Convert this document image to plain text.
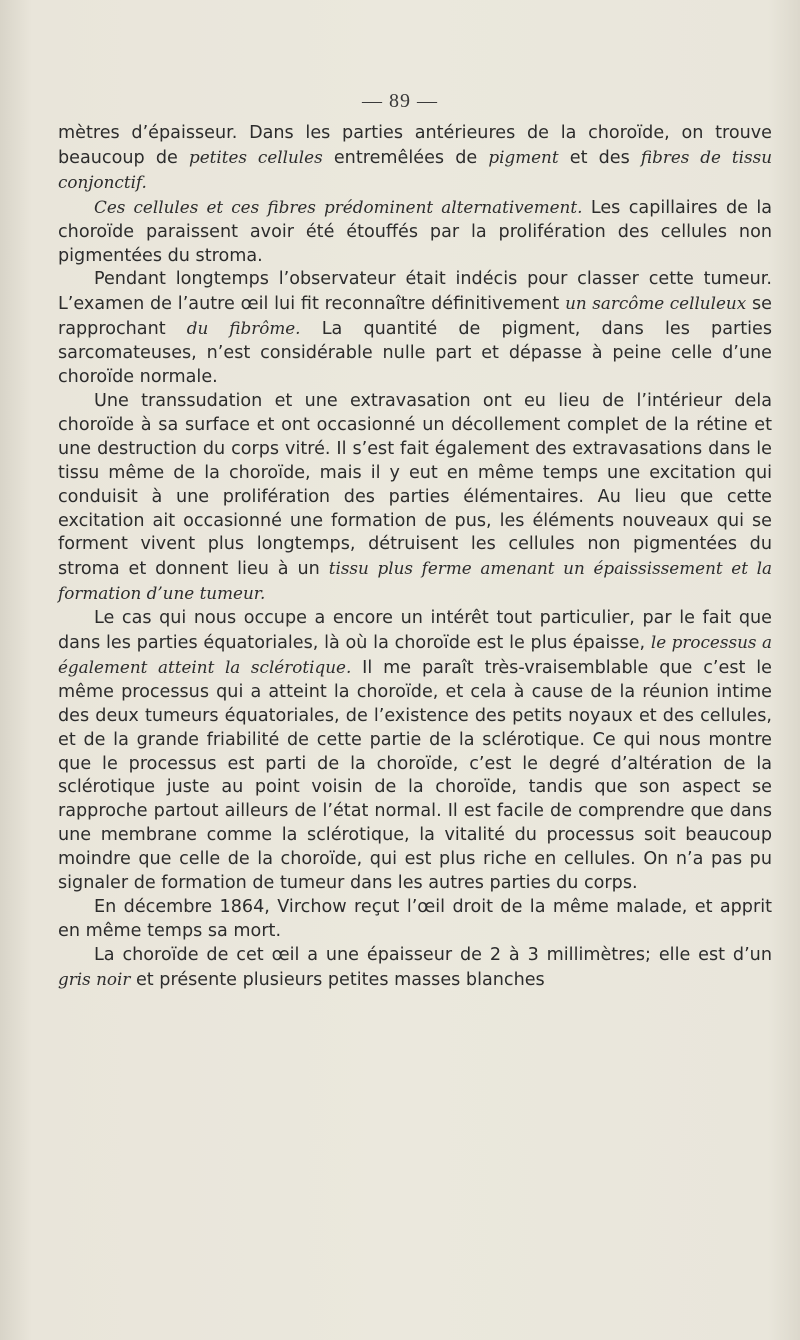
— 89 —

mètres d’épaisseur. Dans les parties antérieures de la choroïde, on trouve beaucoup de petites cellules entremêlées de pigment et des fibres de tissu conjonctif.

Ces cellules et ces fibres prédominent alternativement. Les capillaires de la choroïde paraissent avoir été étouffés par la prolifération des cellules non pigmentées du stroma.

Pendant longtemps l’observateur était indécis pour classer cette tumeur. L’examen de l’autre œil lui fit reconnaître définitivement un sarcôme celluleux se rapprochant du fibrôme. La quantité de pigment, dans les parties sarcomateuses, n’est considérable nulle part et dépasse à peine celle d’une choroïde normale.

Une transsudation et une extravasation ont eu lieu de l’intérieur dela choroïde à sa surface et ont occasionné un décollement complet de la rétine et une destruction du corps vitré. Il s’est fait également des extravasations dans le tissu même de la choroïde, mais il y eut en même temps une excitation qui conduisit à une prolifération des parties élémentaires. Au lieu que cette excitation ait occasionné une formation de pus, les éléments nouveaux qui se forment vivent plus longtemps, détruisent les cellules non pigmentées du stroma et donnent lieu à un tissu plus ferme amenant un épaississement et la formation d’une tumeur.

Le cas qui nous occupe a encore un intérêt tout particulier, par le fait que dans les parties équatoriales, là où la choroïde est le plus épaisse, le processus a également atteint la sclérotique. Il me paraît très-vraisemblable que c’est le même processus qui a atteint la choroïde, et cela à cause de la réunion intime des deux tumeurs équatoriales, de l’existence des petits noyaux et des cellules, et de la grande friabilité de cette partie de la sclérotique. Ce qui nous montre que le processus est parti de la choroïde, c’est le degré d’altération de la sclérotique juste au point voisin de la choroïde, tandis que son aspect se rapproche partout ailleurs de l’état normal. Il est facile de comprendre que dans une membrane comme la sclérotique, la vitalité du processus soit beaucoup moindre que celle de la choroïde, qui est plus riche en cellules. On n’a pas pu signaler de formation de tumeur dans les autres parties du corps.

En décembre 1864, Virchow reçut l’œil droit de la même malade, et apprit en même temps sa mort.

La choroïde de cet œil a une épaisseur de 2 à 3 millimètres; elle est d’un gris noir et présente plusieurs petites masses blanches
